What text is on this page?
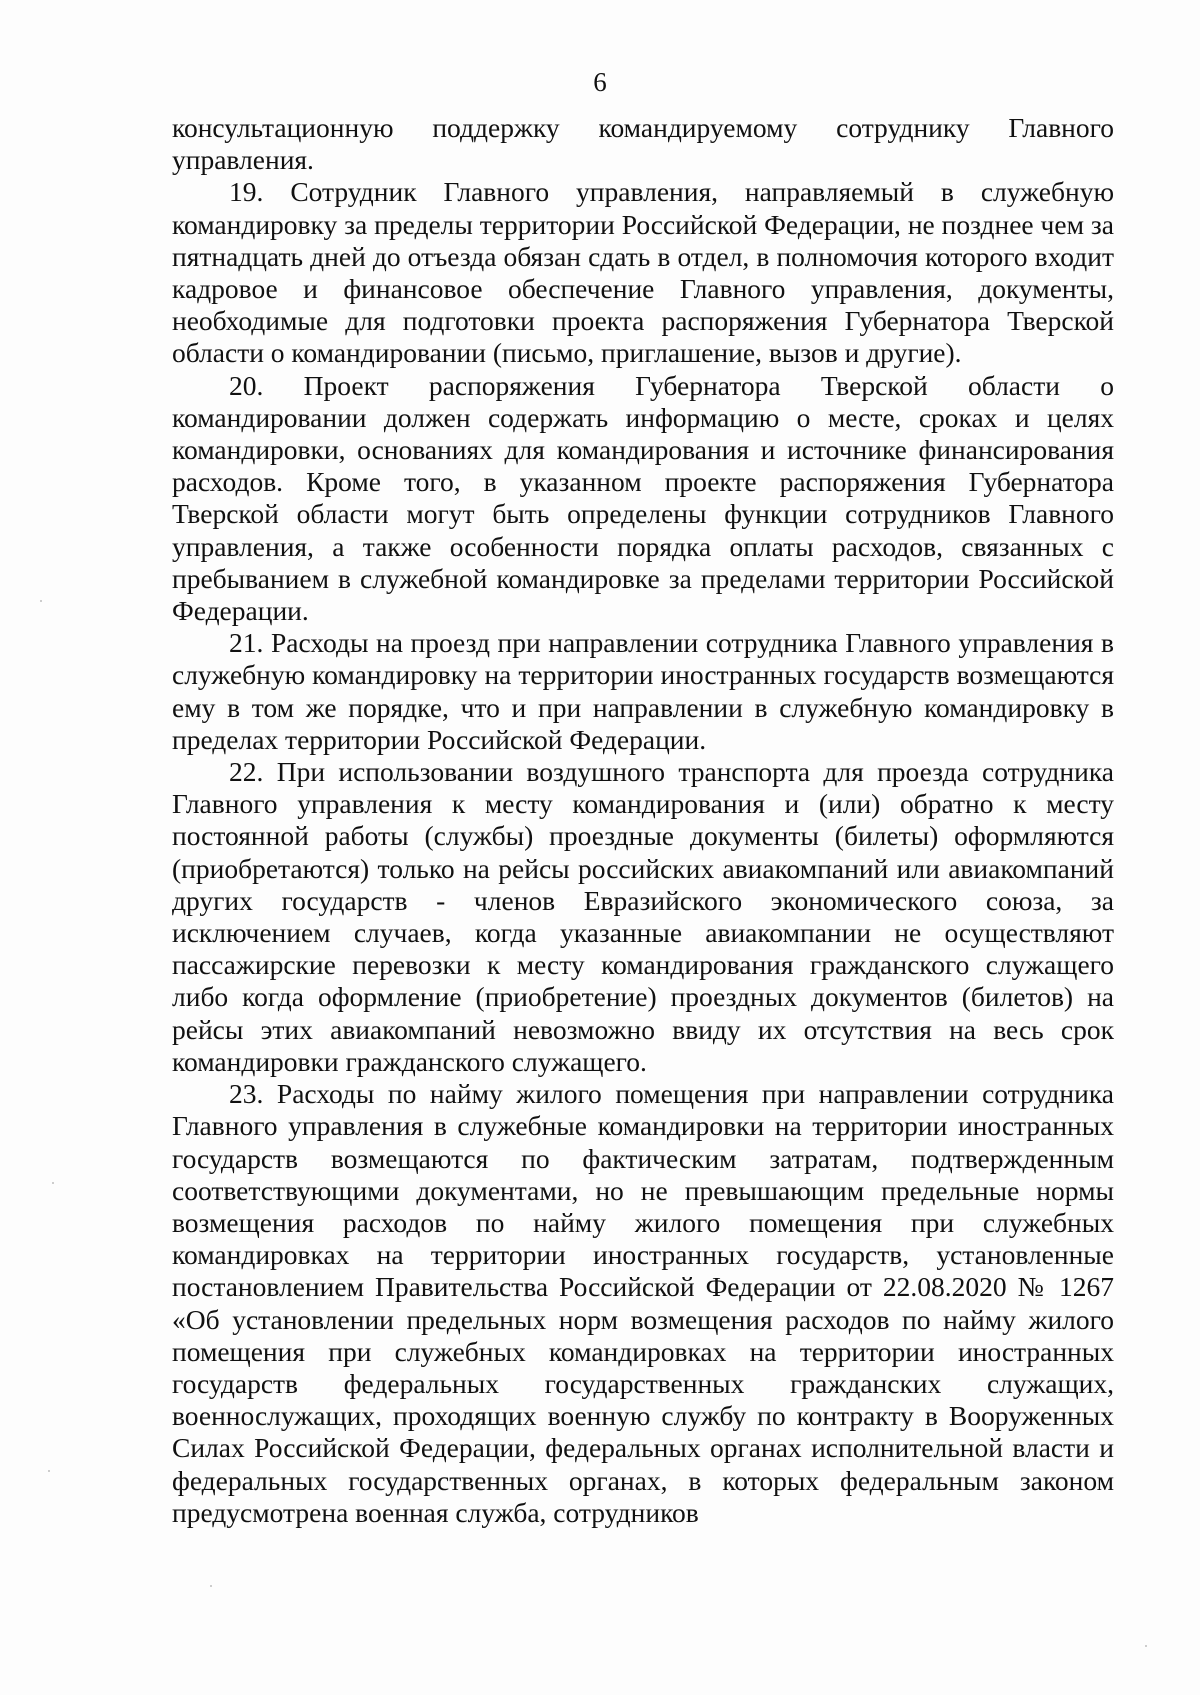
6

консультационную поддержку командируемому сотруднику Главного управления.

19. Сотрудник Главного управления, направляемый в служебную командировку за пределы территории Российской Федерации, не позднее чем за пятнадцать дней до отъезда обязан сдать в отдел, в полномочия которого входит кадровое и финансовое обеспечение Главного управления, документы, необходимые для подготовки проекта распоряжения Губернатора Тверской области о командировании (письмо, приглашение, вызов и другие).

20. Проект распоряжения Губернатора Тверской области о командировании должен содержать информацию о месте, сроках и целях командировки, основаниях для командирования и источнике финансирования расходов. Кроме того, в указанном проекте распоряжения Губернатора Тверской области могут быть определены функции сотрудников Главного управления, а также особенности порядка оплаты расходов, связанных с пребыванием в служебной командировке за пределами территории Российской Федерации.

21. Расходы на проезд при направлении сотрудника Главного управления в служебную командировку на территории иностранных государств возмещаются ему в том же порядке, что и при направлении в служебную командировку в пределах территории Российской Федерации.

22. При использовании воздушного транспорта для проезда сотрудника Главного управления к месту командирования и (или) обратно к месту постоянной работы (службы) проездные документы (билеты) оформляются (приобретаются) только на рейсы российских авиакомпаний или авиакомпаний других государств - членов Евразийского экономического союза, за исключением случаев, когда указанные авиакомпании не осуществляют пассажирские перевозки к месту командирования гражданского служащего либо когда оформление (приобретение) проездных документов (билетов) на рейсы этих авиакомпаний невозможно ввиду их отсутствия на весь срок командировки гражданского служащего.

23. Расходы по найму жилого помещения при направлении сотрудника Главного управления в служебные командировки на территории иностранных государств возмещаются по фактическим затратам, подтвержденным соответствующими документами, но не превышающим предельные нормы возмещения расходов по найму жилого помещения при служебных командировках на территории иностранных государств, установленные постановлением Правительства Российской Федерации от 22.08.2020 № 1267 «Об установлении предельных норм возмещения расходов по найму жилого помещения при служебных командировках на территории иностранных государств федеральных государственных гражданских служащих, военнослужащих, проходящих военную службу по контракту в Вооруженных Силах Российской Федерации, федеральных органах исполнительной власти и федеральных государственных органах, в которых федеральным законом предусмотрена военная служба, сотрудников
